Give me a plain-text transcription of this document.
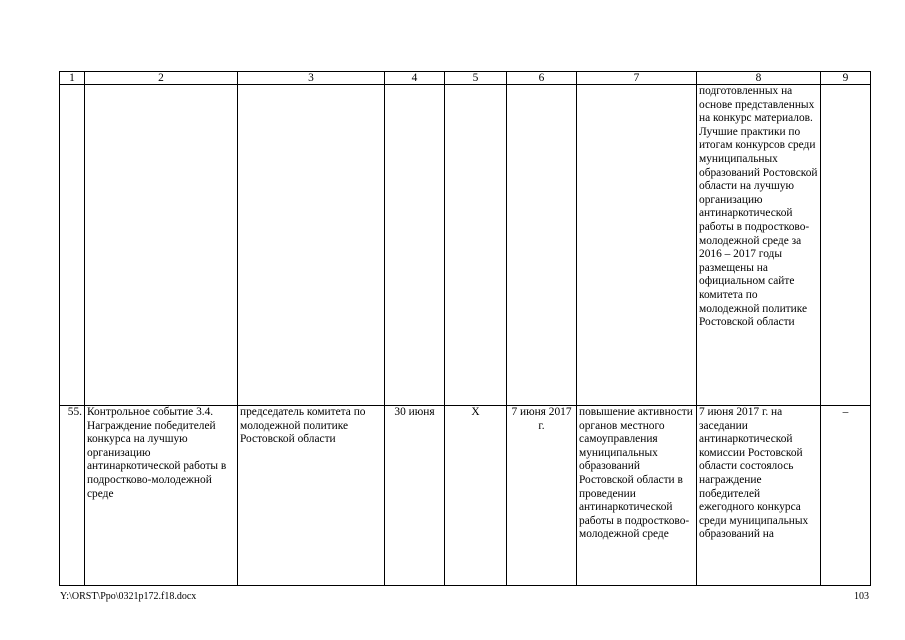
1	2	3	4	5	6	7	8	9
							подготовленных на основе представленных на конкурс материалов. Лучшие практики по итогам конкурсов среди муниципальных образований Ростовской области на лучшую организацию антинаркотической работы в подростково-молодежной среде за 2016 – 2017 годы размещены на официальном сайте комитета по молодежной политике Ростовской области	
55.	Контрольное событие 3.4. Награждение победителей конкурса на лучшую организацию антинаркотической работы в подростково-молодежной среде	председатель комитета по молодежной политике Ростовской области	30 июня	X	7 июня 2017 г.	повышение активности органов местного самоуправления муниципальных образований Ростовской области в проведении антинаркотической работы в подростково-молодежной среде	7 июня 2017 г. на заседании антинаркотической комиссии Ростовской области состоялось награждение победителей ежегодного конкурса среди муниципальных образований на	–
Y:\ORST\Ppo\0321p172.f18.docx	103
